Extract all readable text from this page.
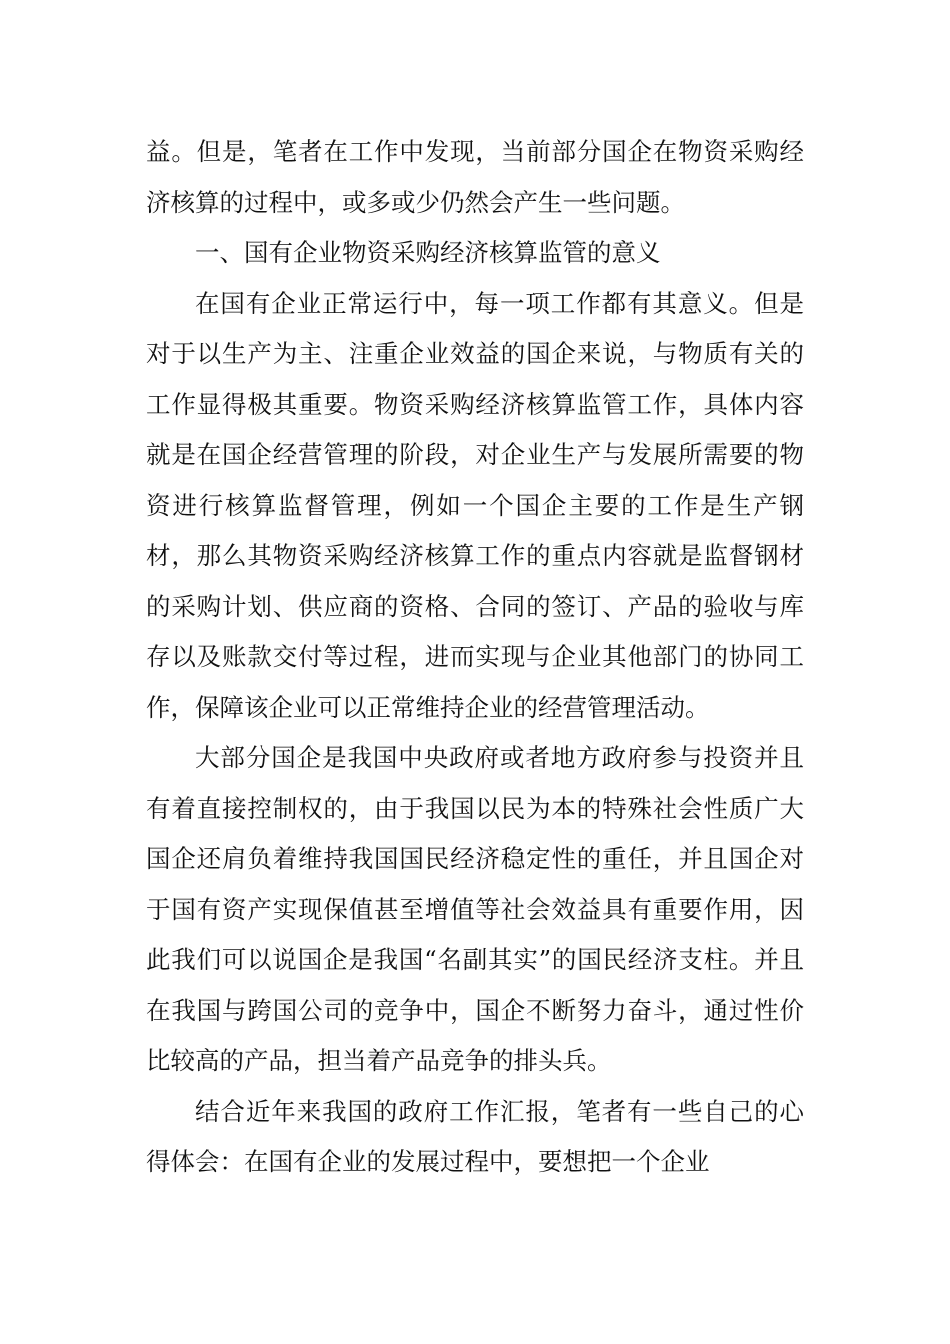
益。但是，笔者在工作中发现，当前部分国企在物资采购经济核算的过程中，或多或少仍然会产生一些问题。

一、国有企业物资采购经济核算监管的意义

在国有企业正常运行中，每一项工作都有其意义。但是对于以生产为主、注重企业效益的国企来说，与物质有关的工作显得极其重要。物资采购经济核算监管工作，具体内容就是在国企经营管理的阶段，对企业生产与发展所需要的物资进行核算监督管理，例如一个国企主要的工作是生产钢材，那么其物资采购经济核算工作的重点内容就是监督钢材的采购计划、供应商的资格、合同的签订、产品的验收与库存以及账款交付等过程，进而实现与企业其他部门的协同工作，保障该企业可以正常维持企业的经营管理活动。

大部分国企是我国中央政府或者地方政府参与投资并且有着直接控制权的，由于我国以民为本的特殊社会性质广大国企还肩负着维持我国国民经济稳定性的重任，并且国企对于国有资产实现保值甚至增值等社会效益具有重要作用，因此我们可以说国企是我国“名副其实”的国民经济支柱。并且在我国与跨国公司的竞争中，国企不断努力奋斗，通过性价比较高的产品，担当着产品竞争的排头兵。

结合近年来我国的政府工作汇报，笔者有一些自己的心得体会：在国有企业的发展过程中，要想把一个企业
